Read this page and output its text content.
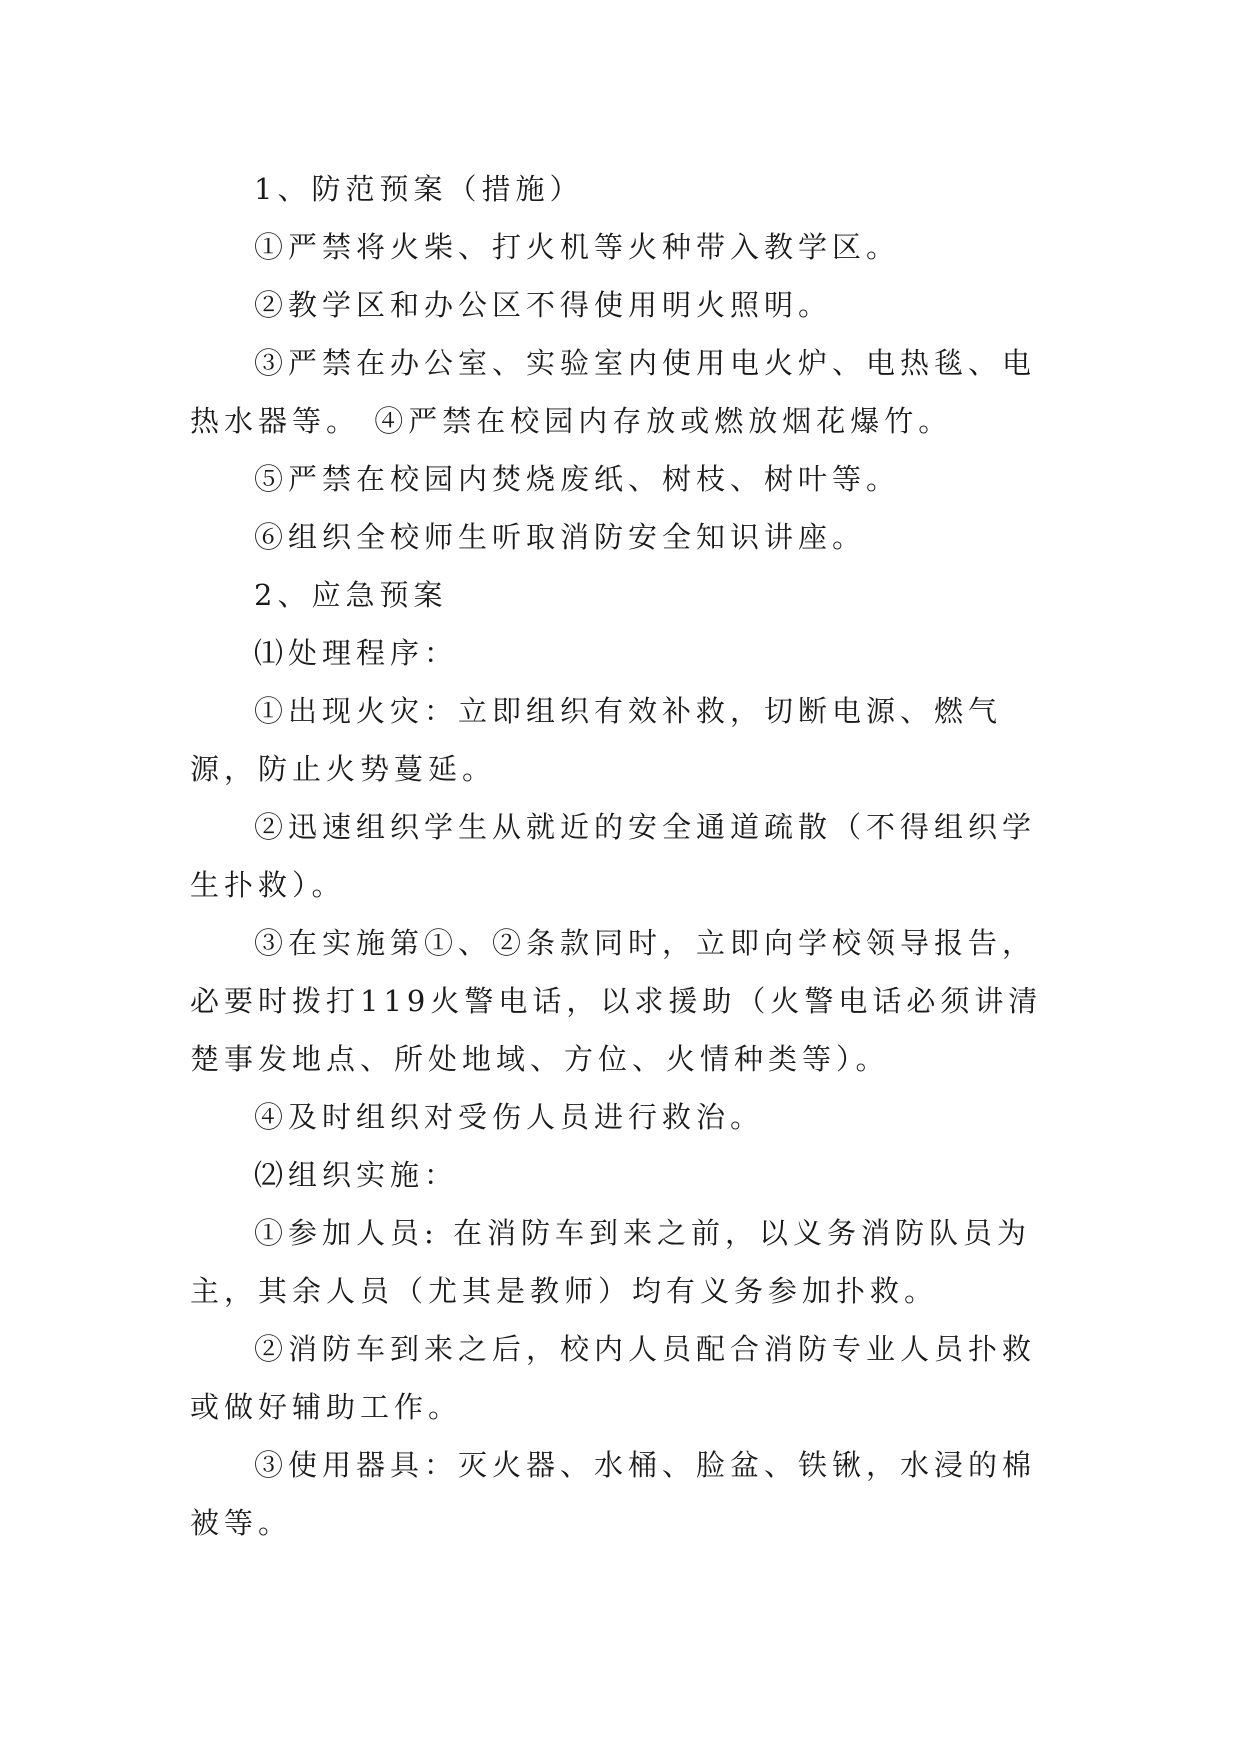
1、防范预案（措施）

①严禁将火柴、打火机等火种带入教学区。

②教学区和办公区不得使用明火照明。

③严禁在办公室、实验室内使用电火炉、电热毯、电热水器等。 ④严禁在校园内存放或燃放烟花爆竹。

⑤严禁在校园内焚烧废纸、树枝、树叶等。

⑥组织全校师生听取消防安全知识讲座。

2、应急预案

⑴处理程序：

①出现火灾：立即组织有效补救，切断电源、燃气源，防止火势蔓延。

②迅速组织学生从就近的安全通道疏散（不得组织学生扑救）。

③在实施第①、②条款同时，立即向学校领导报告，必要时拨打119火警电话，以求援助（火警电话必须讲清楚事发地点、所处地域、方位、火情种类等）。

④及时组织对受伤人员进行救治。

⑵组织实施：

①参加人员: 在消防车到来之前，以义务消防队员为主，其余人员（尤其是教师）均有义务参加扑救。

②消防车到来之后，校内人员配合消防专业人员扑救或做好辅助工作。

③使用器具：灭火器、水桶、脸盆、铁锹，水浸的棉被等。
